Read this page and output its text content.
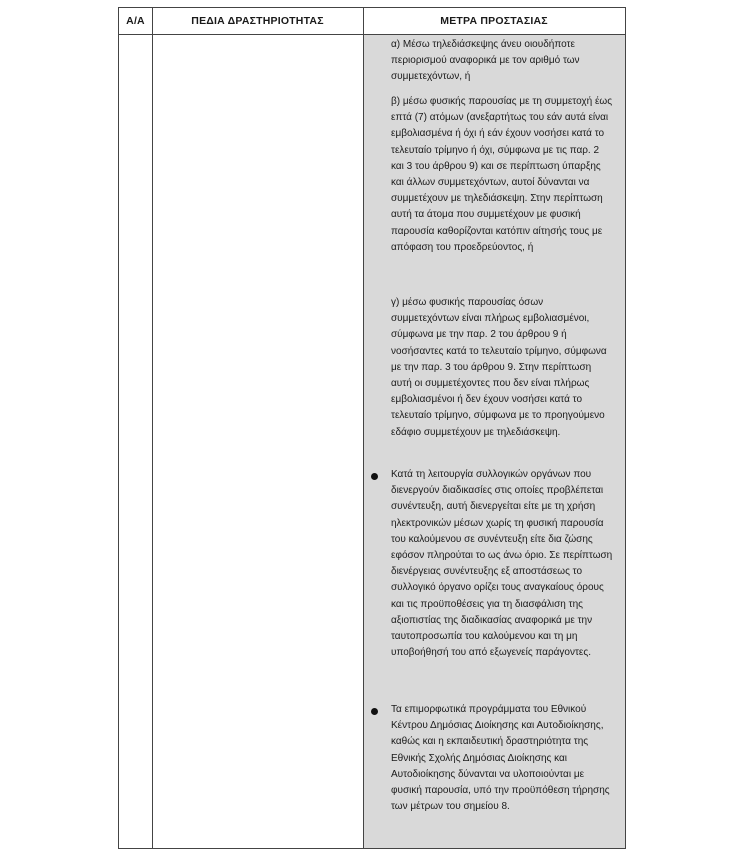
Α/Α	ΠΕΔΙΑ ΔΡΑΣΤΗΡΙΟΤΗΤΑΣ	ΜΕΤΡΑ ΠΡΟΣΤΑΣΙΑΣ

α) Μέσω τηλεδιάσκεψης άνευ οιουδήποτε περιορισμού αναφορικά με τον αριθμό των συμμετεχόντων, ή

β) μέσω φυσικής παρουσίας με τη συμμετοχή έως επτά (7) ατόμων (ανεξαρτήτως του εάν αυτά είναι εμβολιασμένα ή όχι ή εάν έχουν νοσήσει κατά το τελευταίο τρίμηνο ή όχι, σύμφωνα με τις παρ. 2 και 3 του άρθρου 9) και σε περίπτωση ύπαρξης και άλλων συμμετεχόντων, αυτοί δύνανται να συμμετέχουν με τηλεδιάσκεψη. Στην περίπτωση αυτή τα άτομα που συμμετέχουν με φυσική παρουσία καθορίζονται κατόπιν αίτησής τους με απόφαση του προεδρεύοντος, ή

γ) μέσω φυσικής παρουσίας όσων συμμετεχόντων είναι πλήρως εμβολιασμένοι, σύμφωνα με την παρ. 2 του άρθρου 9 ή νοσήσαντες κατά το τελευταίο τρίμηνο, σύμφωνα με την παρ. 3 του άρθρου 9. Στην περίπτωση αυτή οι συμμετέχοντες που δεν είναι πλήρως εμβολιασμένοι ή δεν έχουν νοσήσει κατά το τελευταίο τρίμηνο, σύμφωνα με το προηγούμενο εδάφιο συμμετέχουν με τηλεδιάσκεψη.

Κατά τη λειτουργία συλλογικών οργάνων που διενεργούν διαδικασίες στις οποίες προβλέπεται συνέντευξη, αυτή διενεργείται είτε με τη χρήση ηλεκτρονικών μέσων χωρίς τη φυσική παρουσία του καλούμενου σε συνέντευξη είτε δια ζώσης εφόσον πληρούται το ως άνω όριο. Σε περίπτωση διενέργειας συνέντευξης εξ αποστάσεως το συλλογικό όργανο ορίζει τους αναγκαίους όρους και τις προϋποθέσεις για τη διασφάλιση της αξιοπιστίας της διαδικασίας αναφορικά με την ταυτοπροσωπία του καλούμενου και τη μη υποβοήθησή του από εξωγενείς παράγοντες.

Τα επιμορφωτικά προγράμματα του Εθνικού Κέντρου Δημόσιας Διοίκησης και Αυτοδιοίκησης, καθώς και η εκπαιδευτική δραστηριότητα της Εθνικής Σχολής Δημόσιας Διοίκησης και Αυτοδιοίκησης δύνανται να υλοποιούνται με φυσική παρουσία, υπό την προϋπόθεση τήρησης των μέτρων του σημείου 8.
